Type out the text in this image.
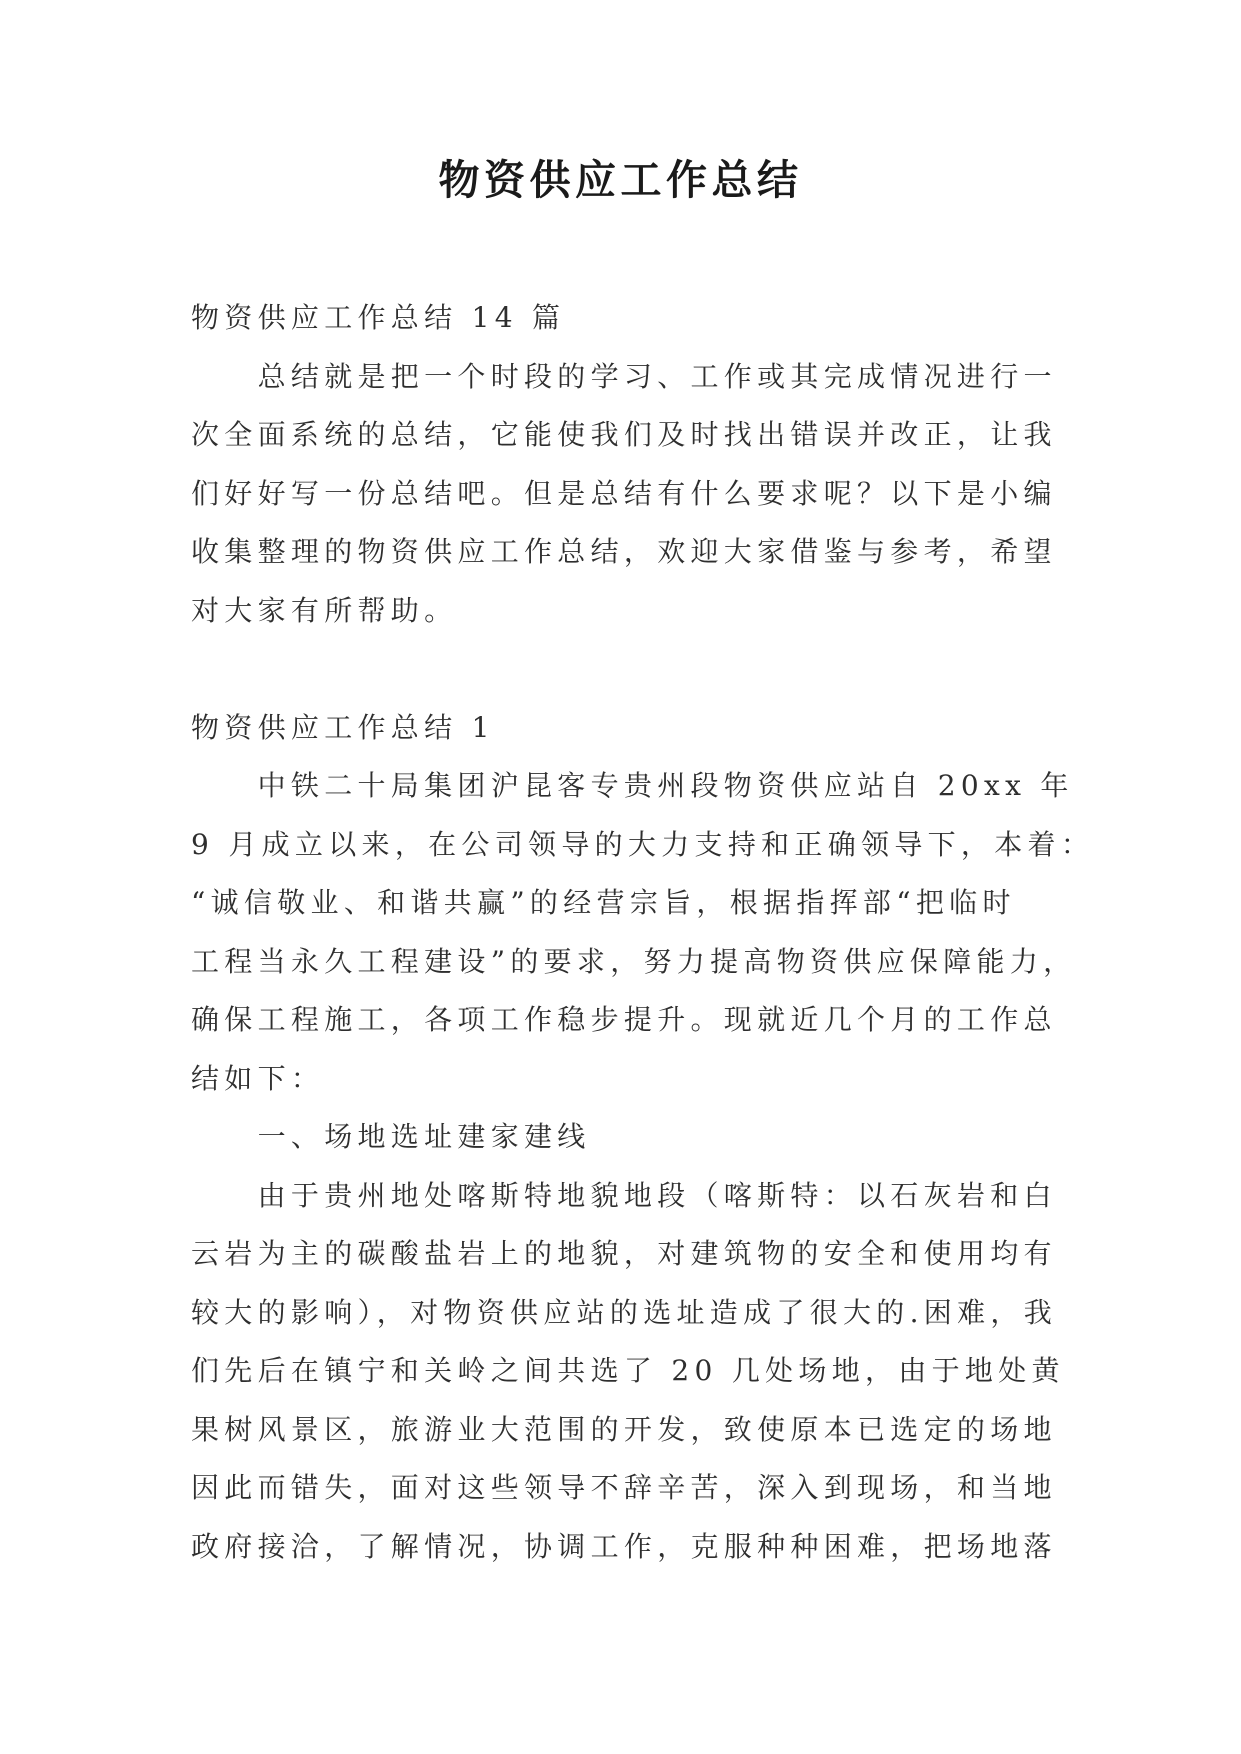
物资供应工作总结
物资供应工作总结 14 篇
总结就是把一个时段的学习、工作或其完成情况进行一
次全面系统的总结，它能使我们及时找出错误并改正，让我
们好好写一份总结吧。但是总结有什么要求呢？以下是小编
收集整理的物资供应工作总结，欢迎大家借鉴与参考，希望
对大家有所帮助。
物资供应工作总结 1
中铁二十局集团沪昆客专贵州段物资供应站自 20xx 年
9 月成立以来，在公司领导的大力支持和正确领导下，本着：
“诚信敬业、和谐共赢”的经营宗旨，根据指挥部“把临时
工程当永久工程建设”的要求，努力提高物资供应保障能力，
确保工程施工，各项工作稳步提升。现就近几个月的工作总
结如下：
一、场地选址建家建线
由于贵州地处喀斯特地貌地段（喀斯特：以石灰岩和白
云岩为主的碳酸盐岩上的地貌，对建筑物的安全和使用均有
较大的影响），对物资供应站的选址造成了很大的.困难，我
们先后在镇宁和关岭之间共选了 20 几处场地，由于地处黄
果树风景区，旅游业大范围的开发，致使原本已选定的场地
因此而错失，面对这些领导不辞辛苦，深入到现场，和当地
政府接洽，了解情况，协调工作，克服种种困难，把场地落
